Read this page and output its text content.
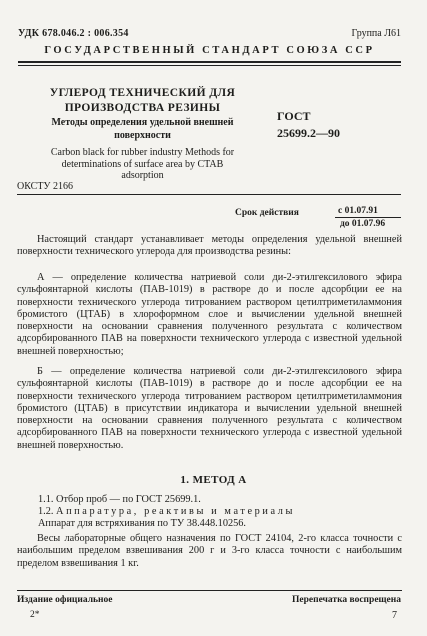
УДК 678.046.2 : 006.354	Группа Л61
ГОСУДАРСТВЕННЫЙ СТАНДАРТ СОЮЗА ССР
УГЛЕРОД ТЕХНИЧЕСКИЙ ДЛЯ ПРОИЗВОДСТВА РЕЗИНЫ
Методы определения удельной внешней поверхности
Carbon black for rubber industry Methods for determinations of surface area by CTAB adsorption
ГОСТ
25699.2—90
ОКСТУ 2166
Срок действия	с 01.07.91
до 01.07.96

Настоящий стандарт устанавливает методы определения удельной внешней поверхности технического углерода для производства резины:

А — определение количества натриевой соли ди-2-этилгексилового эфира сульфоянтарной кислоты (ПАВ-1019) в растворе до и после адсорбции ее на поверхности технического углерода титрованием раствором цетилтриметиламмония бромистого (ЦТАБ) в хлороформном слое и вычислении удельной внешней поверхности на основании сравнения полученного результата с количеством адсорбированного ПАВ на поверхности технического углерода с известной удельной внешней поверхностью;

Б — определение количества натриевой соли ди-2-этилгексилового эфира сульфоянтарной кислоты (ПАВ-1019) в растворе до и после адсорбции ее на поверхности технического углерода титрованием раствором цетилтриметиламмония бромистого (ЦТАБ) в присутствии индикатора и вычислении удельной внешней поверхности на основании сравнения полученного результата с количеством адсорбированного ПАВ на поверхности технического углерода с известной удельной внешней поверхностью.

1. МЕТОД А
1.1. Отбор проб — по ГОСТ 25699.1.
1.2. Аппаратура, реактивы и материалы
Аппарат для встряхивания по ТУ 38.448.10256.

Весы лабораторные общего назначения по ГОСТ 24104, 2-го класса точности с наибольшим пределом взвешивания 200 г и 3-го класса точности с наибольшим пределом взвешивания 1 кг.

Издание официальное	Перепечатка воспрещена
2*	7
